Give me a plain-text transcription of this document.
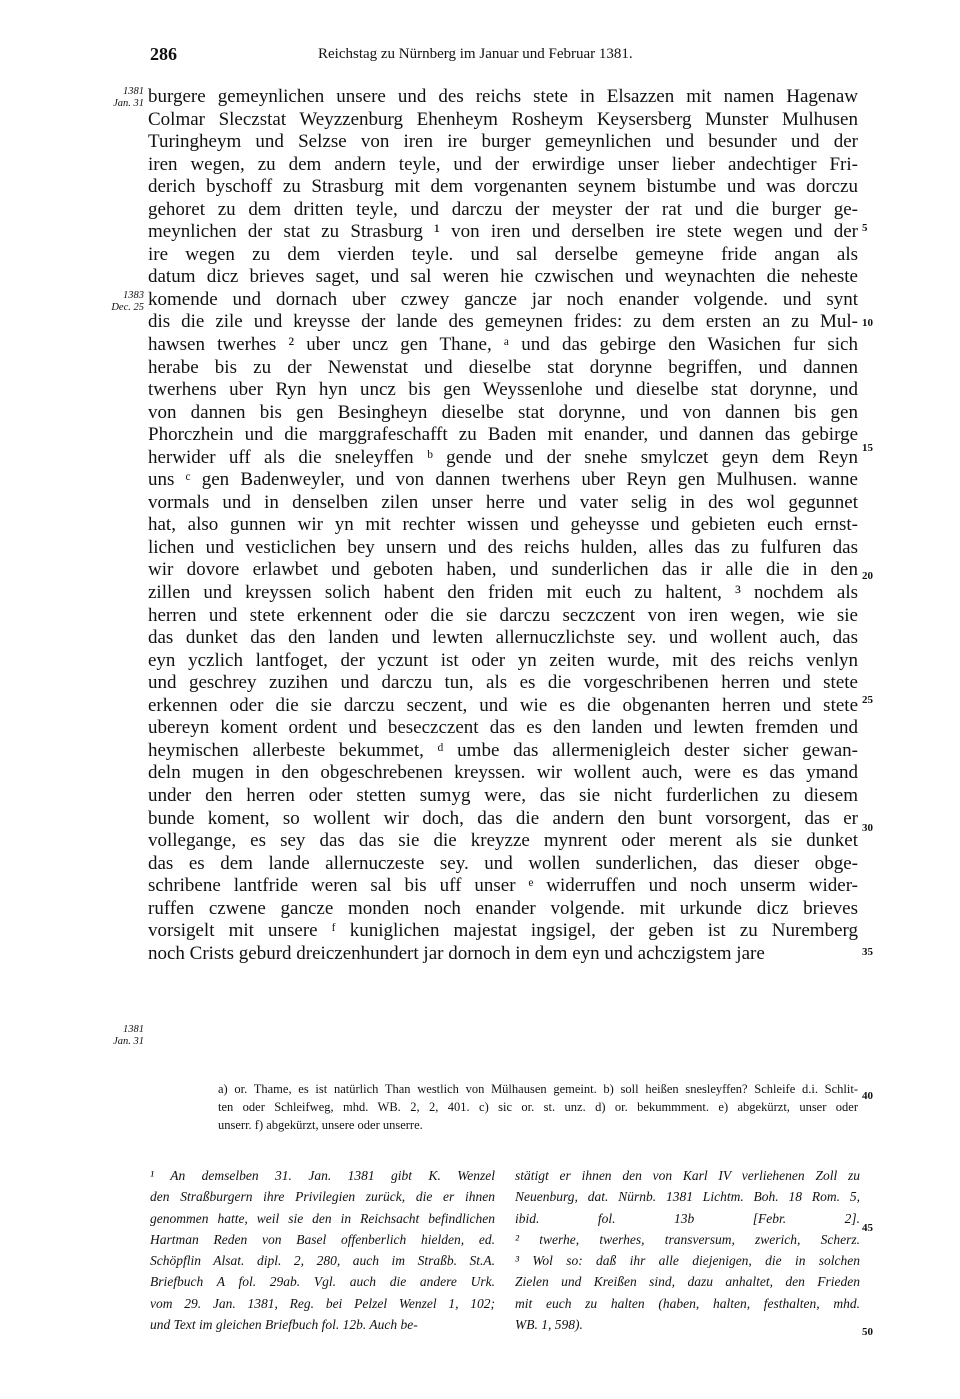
286	Reichstag zu Nürnberg im Januar und Februar 1381.
1381
Jan. 31
1383
Dec. 25
1381
Jan. 31
burgere gemeynlichen unsere und des reichs stete in Elsazzen mit namen Hagenaw
Colmar Sleczstat Weyzzenburg Ehenheym Rosheym Keysersberg Munster Mulhusen
Turingheym und Selzse von iren ire burger gemeynlichen und besunder und der
iren wegen, zu dem andern teyle, und der erwirdige unser lieber andechtiger Fri-
derich byschoff zu Strasburg mit dem vorgenanten seynem bistumbe und was dorczu
gehoret zu dem dritten teyle, und darczu der meyster der rat und die burger ge-
meynlichen der stat zu Strasburg ¹ von iren und derselben ire stete wegen und der
ire wegen zu dem vierden teyle. und sal derselbe gemeyne fride angan als
datum dicz brieves saget, und sal weren hie czwischen und weynachten die neheste
komende und dornach uber czwey gancze jar noch enander volgende. und synt
dis die zile und kreysse der lande des gemeynen frides: zu dem ersten an zu Mul-
hawsen twerhes ² uber uncz gen Thane, ᵃ und das gebirge den Wasichen fur sich
herabe bis zu der Newenstat und dieselbe stat dorynne begriffen, und dannen
twerhens uber Ryn hyn uncz bis gen Weyssenlohe und dieselbe stat dorynne, und
von dannen bis gen Besingheyn dieselbe stat dorynne, und von dannen bis gen
Phorczhein und die marggrafeschafft zu Baden mit enander, und dannen das gebirge
herwider uff als die sneleyffen ᵇ gende und der snehe smylczet geyn dem Reyn
uns ᶜ gen Badenweyler, und von dannen twerhens uber Reyn gen Mulhusen. wanne
vormals und in denselben zilen unser herre und vater selig in des wol gegunnet
hat, also gunnen wir yn mit rechter wissen und geheysse und gebieten euch ernst-
lichen und vesticlichen bey unsern und des reichs hulden, alles das zu fulfuren das
wir dovore erlawbet und geboten haben, und sunderlichen das ir alle die in den
zillen und kreyssen solich habent den friden mit euch zu haltent, ³ nochdem als
herren und stete erkennent oder die sie darczu seczczent von iren wegen, wie sie
das dunket das den landen und lewten allernuczlichste sey. und wollent auch, das
eyn yczlich lantfoget, der yczunt ist oder yn zeiten wurde, mit des reichs venlyn
und geschrey zuzihen und darczu tun, als es die vorgeschribenen herren und stete
erkennen oder die sie darczu seczent, und wie es die obgenanten herren und stete
ubereyn koment ordent und beseczczent das es den landen und lewten fremden und
heymischen allerbeste bekummet, ᵈ umbe das allermenigleich dester sicher gewan-
deln mugen in den obgeschrebenen kreyssen. wir wollent auch, were es das ymand
under den herren oder stetten sumyg were, das sie nicht furderlichen zu diesem
bunde koment, so wollent wir doch, das die andern den bunt vorsorgent, das er
vollegange, es sey das das sie die kreyzze mynrent oder merent als sie dunket
das es dem lande allernuczeste sey. und wollen sunderlichen, das dieser obge-
schribene lantfride weren sal bis uff unser ᵉ widerruffen und noch unserm wider-
ruffen czwene gancze monden noch enander volgende. mit urkunde dicz brieves
vorsigelt mit unsere ᶠ kuniglichen majestat ingsigel, der geben ist zu Nuremberg
noch Crists geburd dreiczenhundert jar dornoch in dem eyn und achczigstem jare
5
10
15
20
25
30
35
40
45
50
a) or. Thame, es ist natürlich Than westlich von Mülhausen gemeint. b) soll heißen snesleyffen? Schleife d.i. Schlit-
ten oder Schleifweg, mhd. WB. 2, 2, 401. c) sic or. st. unz. d) or. bekummment. e) abgekürzt, unser oder
unserr. f) abgekürzt, unsere oder unserre.
¹ An demselben 31. Jan. 1381 gibt K. Wenzel
den Straßburgern ihre Privilegien zurück, die er ihnen
genommen hatte, weil sie den in Reichsacht befindlichen
Hartman Reden von Basel offenberlich hielden, ed.
Schöpflin Alsat. dipl. 2, 280, auch im Straßb. St.A.
Briefbuch A fol. 29ab. Vgl. auch die andere Urk.
vom 29. Jan. 1381, Reg. bei Pelzel Wenzel 1, 102;
und Text im gleichen Briefbuch fol. 12b. Auch be-
stätigt er ihnen den von Karl IV verliehenen Zoll zu
Neuenburg, dat. Nürnb. 1381 Lichtm. Boh. 18 Rom. 5,
ibid. fol. 13b [Febr. 2].
² twerhe, twerhes, transversum, zwerich, Scherz.
³ Wol so: daß ihr alle diejenigen, die in solchen
Zielen und Kreißen sind, dazu anhaltet, den Frieden
mit euch zu halten (haben, halten, festhalten, mhd.
WB. 1, 598).
